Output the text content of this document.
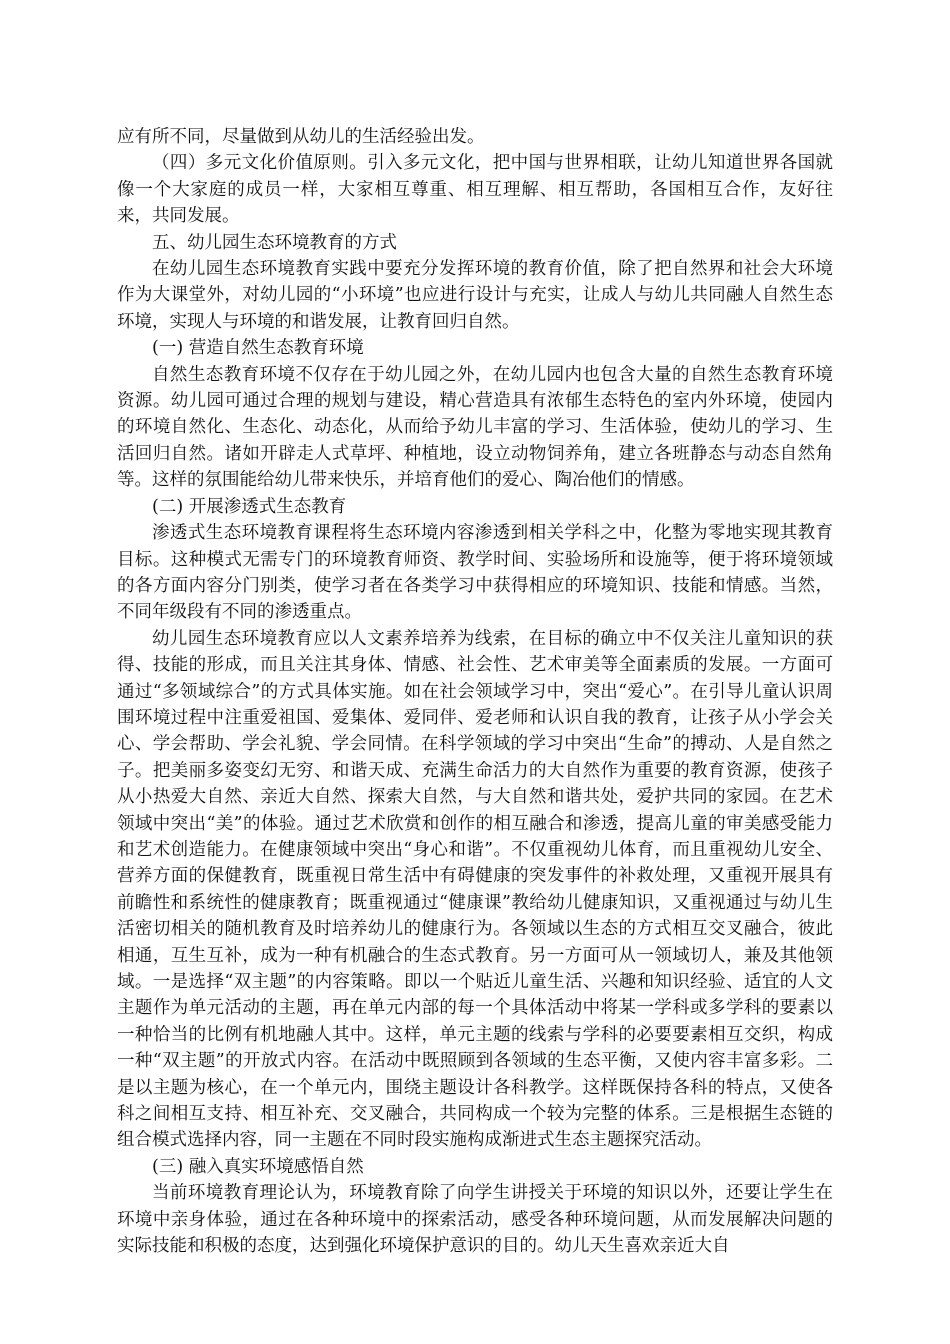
应有所不同，尽量做到从幼儿的生活经验出发。

（四）多元文化价值原则。引入多元文化，把中国与世界相联，让幼儿知道世界各国就像一个大家庭的成员一样，大家相互尊重、相互理解、相互帮助，各国相互合作，友好往来，共同发展。

五、幼儿园生态环境教育的方式

在幼儿园生态环境教育实践中要充分发挥环境的教育价值，除了把自然界和社会大环境作为大课堂外，对幼儿园的“小环境”也应进行设计与充实，让成人与幼儿共同融人自然生态环境，实现人与环境的和谐发展，让教育回归自然。

(一) 营造自然生态教育环境

自然生态教育环境不仅存在于幼儿园之外，在幼儿园内也包含大量的自然生态教育环境资源。幼儿园可通过合理的规划与建设，精心营造具有浓郁生态特色的室内外环境，使园内的环境自然化、生态化、动态化，从而给予幼儿丰富的学习、生活体验，使幼儿的学习、生活回归自然。诸如开辟走人式草坪、种植地，设立动物饲养角，建立各班静态与动态自然角等。这样的氛围能给幼儿带来快乐，并培育他们的爱心、陶冶他们的情感。

(二) 开展渗透式生态教育

渗透式生态环境教育课程将生态环境内容渗透到相关学科之中，化整为零地实现其教育目标。这种模式无需专门的环境教育师资、教学时间、实验场所和设施等，便于将环境领域的各方面内容分门别类，使学习者在各类学习中获得相应的环境知识、技能和情感。当然，不同年级段有不同的渗透重点。

幼儿园生态环境教育应以人文素养培养为线索，在目标的确立中不仅关注儿童知识的获得、技能的形成，而且关注其身体、情感、社会性、艺术审美等全面素质的发展。一方面可通过“多领域综合”的方式具体实施。如在社会领域学习中，突出“爱心”。在引导儿童认识周围环境过程中注重爱祖国、爱集体、爱同伴、爱老师和认识自我的教育，让孩子从小学会关心、学会帮助、学会礼貌、学会同情。在科学领域的学习中突出“生命”的搏动、人是自然之子。把美丽多姿变幻无穷、和谐天成、充满生命活力的大自然作为重要的教育资源，使孩子从小热爱大自然、亲近大自然、探索大自然，与大自然和谐共处，爱护共同的家园。在艺术领域中突出“美”的体验。通过艺术欣赏和创作的相互融合和渗透，提高儿童的审美感受能力和艺术创造能力。在健康领域中突出“身心和谐”。不仅重视幼儿体育，而且重视幼儿安全、营养方面的保健教育，既重视日常生活中有碍健康的突发事件的补救处理，又重视开展具有前瞻性和系统性的健康教育；既重视通过“健康课”教给幼儿健康知识，又重视通过与幼儿生活密切相关的随机教育及时培养幼儿的健康行为。各领域以生态的方式相互交叉融合，彼此相通，互生互补，成为一种有机融合的生态式教育。另一方面可从一领域切人，兼及其他领域。一是选择“双主题”的内容策略。即以一个贴近儿童生活、兴趣和知识经验、适宜的人文主题作为单元活动的主题，再在单元内部的每一个具体活动中将某一学科或多学科的要素以一种恰当的比例有机地融人其中。这样，单元主题的线索与学科的必要要素相互交织，构成一种“双主题”的开放式内容。在活动中既照顾到各领域的生态平衡，又使内容丰富多彩。二是以主题为核心，在一个单元内，围绕主题设计各科教学。这样既保持各科的特点，又使各科之间相互支持、相互补充、交叉融合，共同构成一个较为完整的体系。三是根据生态链的组合模式选择内容，同一主题在不同时段实施构成渐进式生态主题探究活动。

(三) 融入真实环境感悟自然

当前环境教育理论认为，环境教育除了向学生讲授关于环境的知识以外，还要让学生在环境中亲身体验，通过在各种环境中的探索活动，感受各种环境问题，从而发展解决问题的实际技能和积极的态度，达到强化环境保护意识的目的。幼儿天生喜欢亲近大自
